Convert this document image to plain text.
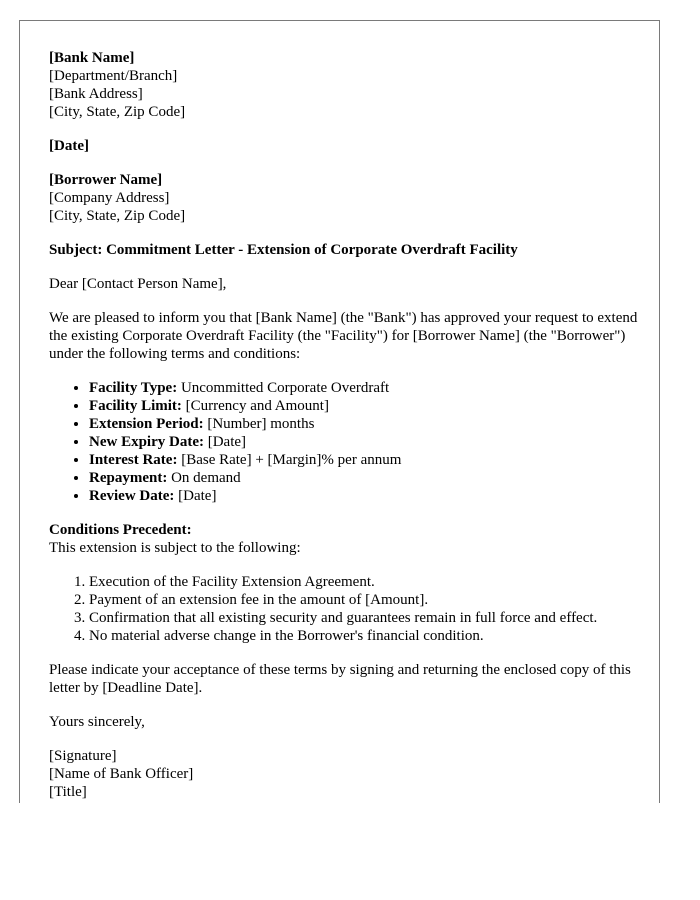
[Bank Name]
[Department/Branch]
[Bank Address]
[City, State, Zip Code]

[Date]

[Borrower Name]
[Company Address]
[City, State, Zip Code]

Subject: Commitment Letter - Extension of Corporate Overdraft Facility

Dear [Contact Person Name],

We are pleased to inform you that [Bank Name] (the "Bank") has approved your request to extend the existing Corporate Overdraft Facility (the "Facility") for [Borrower Name] (the "Borrower") under the following terms and conditions:

• Facility Type: Uncommitted Corporate Overdraft
• Facility Limit: [Currency and Amount]
• Extension Period: [Number] months
• New Expiry Date: [Date]
• Interest Rate: [Base Rate] + [Margin]% per annum
• Repayment: On demand
• Review Date: [Date]

Conditions Precedent:
This extension is subject to the following:

1. Execution of the Facility Extension Agreement.
2. Payment of an extension fee in the amount of [Amount].
3. Confirmation that all existing security and guarantees remain in full force and effect.
4. No material adverse change in the Borrower's financial condition.

Please indicate your acceptance of these terms by signing and returning the enclosed copy of this letter by [Deadline Date].

Yours sincerely,

[Signature]
[Name of Bank Officer]
[Title]
